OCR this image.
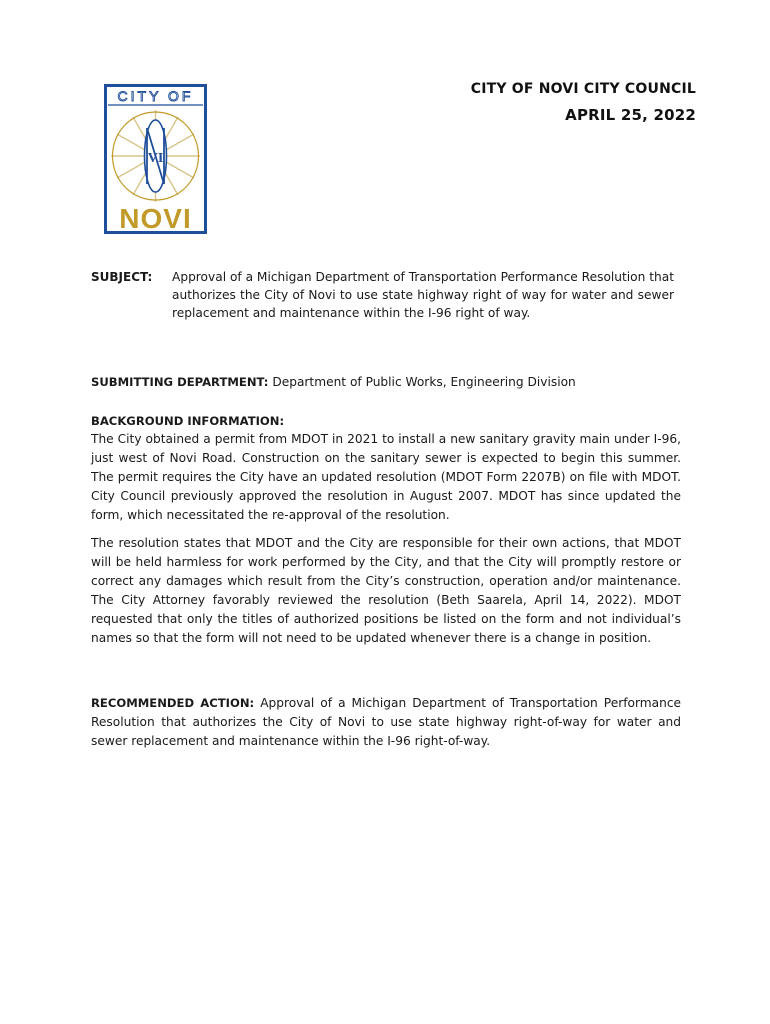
CITY OF
VI
NOVI
CITY OF NOVI CITY COUNCIL
APRIL 25, 2022
SUBJECT: Approval of a Michigan Department of Transportation Performance Resolution that authorizes the City of Novi to use state highway right of way for water and sewer replacement and maintenance within the I-96 right of way.
SUBMITTING DEPARTMENT: Department of Public Works, Engineering Division
BACKGROUND INFORMATION:
The City obtained a permit from MDOT in 2021 to install a new sanitary gravity main under I-96, just west of Novi Road. Construction on the sanitary sewer is expected to begin this summer. The permit requires the City have an updated resolution (MDOT Form 2207B) on file with MDOT. City Council previously approved the resolution in August 2007. MDOT has since updated the form, which necessitated the re-approval of the resolution.
The resolution states that MDOT and the City are responsible for their own actions, that MDOT will be held harmless for work performed by the City, and that the City will promptly restore or correct any damages which result from the City’s construction, operation and/or maintenance. The City Attorney favorably reviewed the resolution (Beth Saarela, April 14, 2022). MDOT requested that only the titles of authorized positions be listed on the form and not individual’s names so that the form will not need to be updated whenever there is a change in position.
RECOMMENDED ACTION: Approval of a Michigan Department of Transportation Performance Resolution that authorizes the City of Novi to use state highway right-of-way for water and sewer replacement and maintenance within the I-96 right-of-way.
